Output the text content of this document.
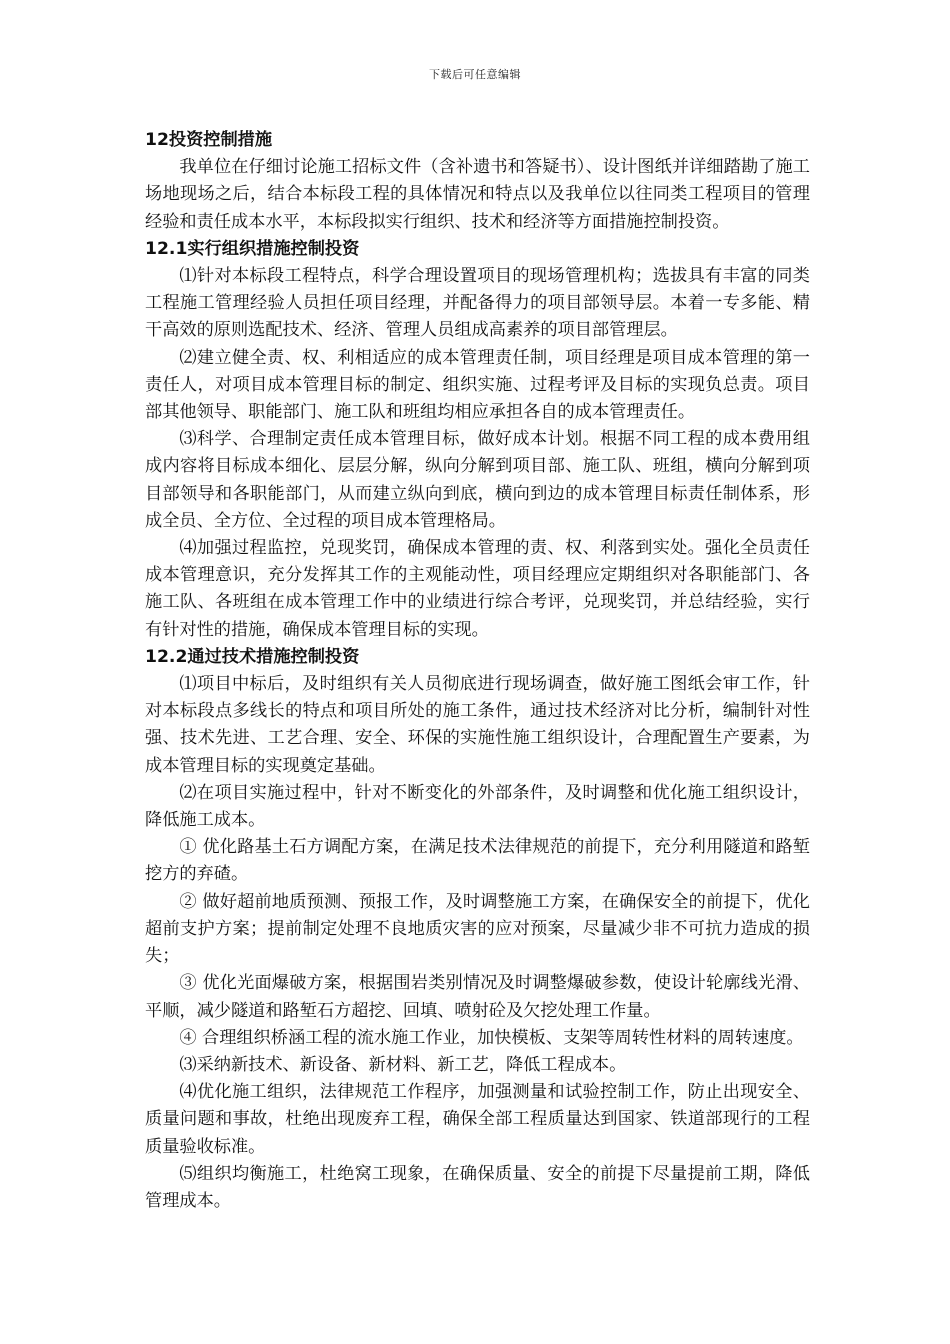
下载后可任意编辑
12投资控制措施

我单位在仔细讨论施工招标文件（含补遗书和答疑书）、设计图纸并详细踏勘了施工场地现场之后，结合本标段工程的具体情况和特点以及我单位以往同类工程项目的管理经验和责任成本水平，本标段拟实行组织、技术和经济等方面措施控制投资。

12.1实行组织措施控制投资

⑴针对本标段工程特点，科学合理设置项目的现场管理机构；选拔具有丰富的同类工程施工管理经验人员担任项目经理，并配备得力的项目部领导层。本着一专多能、精干高效的原则选配技术、经济、管理人员组成高素养的项目部管理层。

⑵建立健全责、权、利相适应的成本管理责任制，项目经理是项目成本管理的第一责任人，对项目成本管理目标的制定、组织实施、过程考评及目标的实现负总责。项目部其他领导、职能部门、施工队和班组均相应承担各自的成本管理责任。

⑶科学、合理制定责任成本管理目标，做好成本计划。根据不同工程的成本费用组成内容将目标成本细化、层层分解，纵向分解到项目部、施工队、班组，横向分解到项目部领导和各职能部门，从而建立纵向到底，横向到边的成本管理目标责任制体系，形成全员、全方位、全过程的项目成本管理格局。

⑷加强过程监控，兑现奖罚，确保成本管理的责、权、利落到实处。强化全员责任成本管理意识，充分发挥其工作的主观能动性，项目经理应定期组织对各职能部门、各施工队、各班组在成本管理工作中的业绩进行综合考评，兑现奖罚，并总结经验，实行有针对性的措施，确保成本管理目标的实现。

12.2通过技术措施控制投资

⑴项目中标后，及时组织有关人员彻底进行现场调查，做好施工图纸会审工作，针对本标段点多线长的特点和项目所处的施工条件，通过技术经济对比分析，编制针对性强、技术先进、工艺合理、安全、环保的实施性施工组织设计，合理配置生产要素，为成本管理目标的实现奠定基础。

⑵在项目实施过程中，针对不断变化的外部条件，及时调整和优化施工组织设计，降低施工成本。

① 优化路基土石方调配方案，在满足技术法律规范的前提下，充分利用隧道和路堑挖方的弃碴。

② 做好超前地质预测、预报工作，及时调整施工方案，在确保安全的前提下，优化超前支护方案；提前制定处理不良地质灾害的应对预案，尽量减少非不可抗力造成的损失；

③ 优化光面爆破方案，根据围岩类别情况及时调整爆破参数，使设计轮廓线光滑、平顺，减少隧道和路堑石方超挖、回填、喷射砼及欠挖处理工作量。

④ 合理组织桥涵工程的流水施工作业，加快模板、支架等周转性材料的周转速度。

⑶采纳新技术、新设备、新材料、新工艺，降低工程成本。

⑷优化施工组织，法律规范工作程序，加强测量和试验控制工作，防止出现安全、质量问题和事故，杜绝出现废弃工程，确保全部工程质量达到国家、铁道部现行的工程质量验收标准。

⑸组织均衡施工，杜绝窝工现象，在确保质量、安全的前提下尽量提前工期，降低管理成本。
